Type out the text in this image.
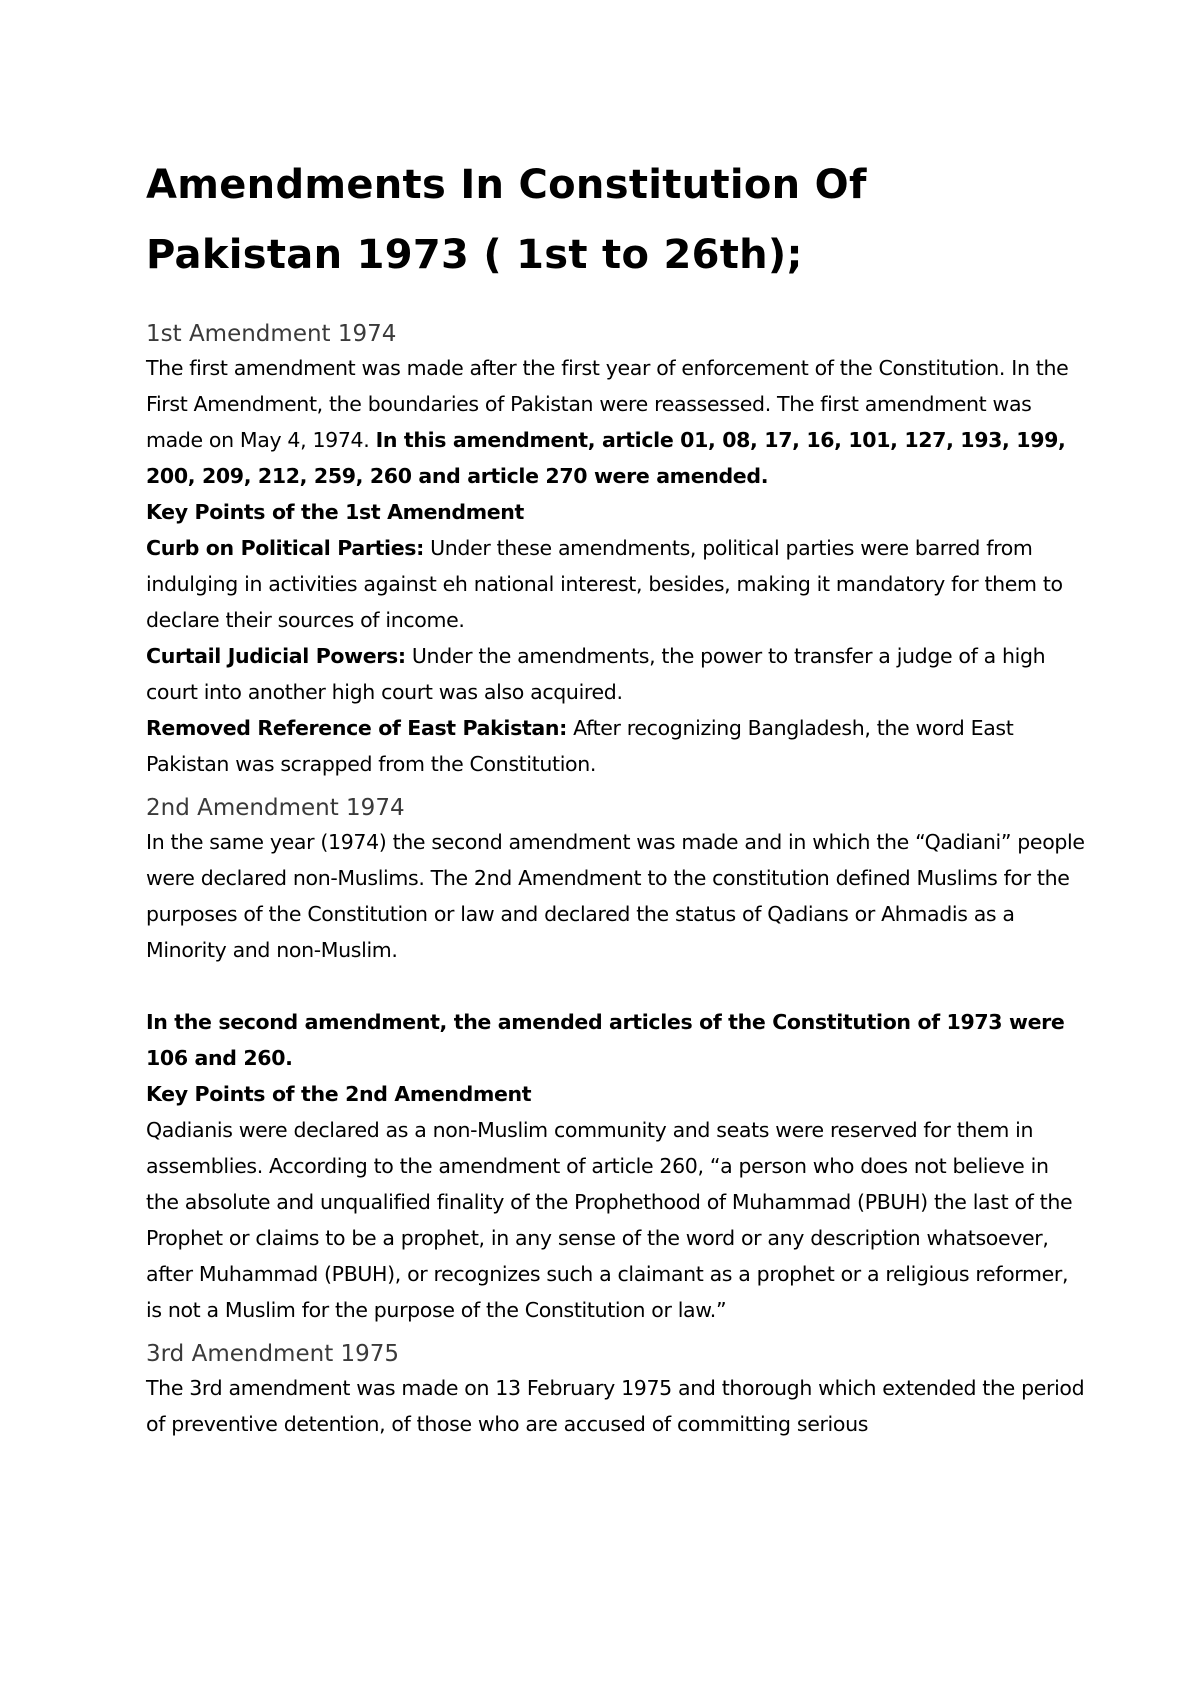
Amendments In Constitution Of
Pakistan 1973 ( 1st to 26th);
1st Amendment 1974

The first amendment was made after the first year of enforcement of the Constitution. In the First Amendment, the boundaries of Pakistan were reassessed. The first amendment was made on May 4, 1974. In this amendment, article 01, 08, 17, 16, 101, 127, 193, 199, 200, 209, 212, 259, 260 and article 270 were amended.

Key Points of the 1st Amendment

Curb on Political Parties: Under these amendments, political parties were barred from indulging in activities against eh national interest, besides, making it mandatory for them to declare their sources of income.

Curtail Judicial Powers: Under the amendments, the power to transfer a judge of a high court into another high court was also acquired.

Removed Reference of East Pakistan: After recognizing Bangladesh, the word East Pakistan was scrapped from the Constitution.

2nd Amendment 1974

In the same year (1974) the second amendment was made and in which the “Qadiani” people were declared non-Muslims. The 2nd Amendment to the constitution defined Muslims for the purposes of the Constitution or law and declared the status of Qadians or Ahmadis as a Minority and non-Muslim.

In the second amendment, the amended articles of the Constitution of 1973 were 106 and 260.

Key Points of the 2nd Amendment

Qadianis were declared as a non-Muslim community and seats were reserved for them in assemblies. According to the amendment of article 260, “a person who does not believe in the absolute and unqualified finality of the Prophethood of Muhammad (PBUH) the last of the Prophet or claims to be a prophet, in any sense of the word or any description whatsoever, after Muhammad (PBUH), or recognizes such a claimant as a prophet or a religious reformer, is not a Muslim for the purpose of the Constitution or law.”

3rd Amendment 1975

The 3rd amendment was made on 13 February 1975 and thorough which extended the period of preventive detention, of those who are accused of committing serious
